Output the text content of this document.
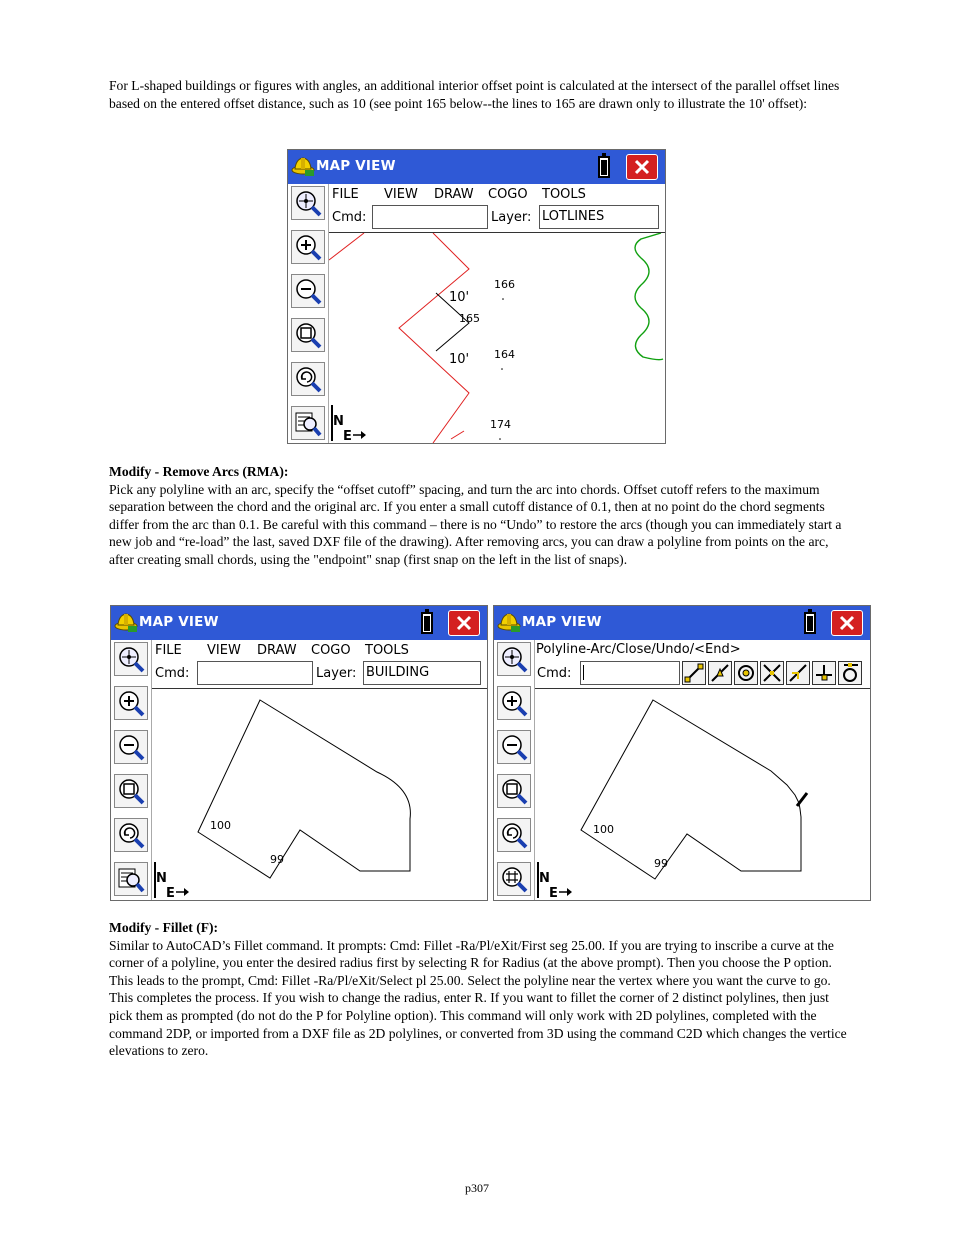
For L-shaped buildings or figures with angles, an additional interior offset point is calculated at the intersect of the parallel offset lines based on the entered offset distance, such as 10 (see point 165 below--the lines to 165 are drawn only to illustrate the 10' offset):

Modify - Remove Arcs (RMA):
Pick any polyline with an arc, specify the “offset cutoff” spacing, and turn the arc into chords. Offset cutoff refers to the maximum separation between the chord and the original arc. If you enter a small cutoff distance of 0.1, then at no point do the chord segments differ from the arc than 0.1. Be careful with this command – there is no “Undo” to restore the arcs (though you can immediately start a new job and “re-load” the last, saved DXF file of the drawing). After removing arcs, you can draw a polyline from points on the arc, after creating small chords, using the "endpoint" snap (first snap on the left in the list of snaps).

Modify - Fillet (F):
Similar to AutoCAD’s Fillet command. It prompts: Cmd: Fillet -Ra/Pl/eXit/First seg 25.00. If you are trying to inscribe a curve at the corner of a polyline, you enter the desired radius first by selecting R for Radius (at the above prompt). Then you choose the P option. This leads to the prompt, Cmd: Fillet -Ra/Pl/eXit/Select pl 25.00. Select the polyline near the vertex where you want the curve to go. This completes the process. If you wish to change the radius, enter R. If you want to fillet the corner of 2 distinct polylines, then just pick them as prompted (do not do the P for Polyline option). This command will only work with 2D polylines, completed with the command 2DP, or imported from a DXF file as 2D polylines, or converted from 3D using the command C2D which changes the vertice elevations to zero.

p307
MAP VIEW
FILE VIEW DRAW COGO TOOLS
Cmd:	Layer: LOTLINES
10'
10'
166
165
164
174
N
E
MAP VIEW
FILE VIEW DRAW COGO TOOLS
Cmd:	Layer: BUILDING
100
99
N
E
MAP VIEW
Polyline-Arc/Close/Undo/<End>
Cmd:
100
99
N
E
